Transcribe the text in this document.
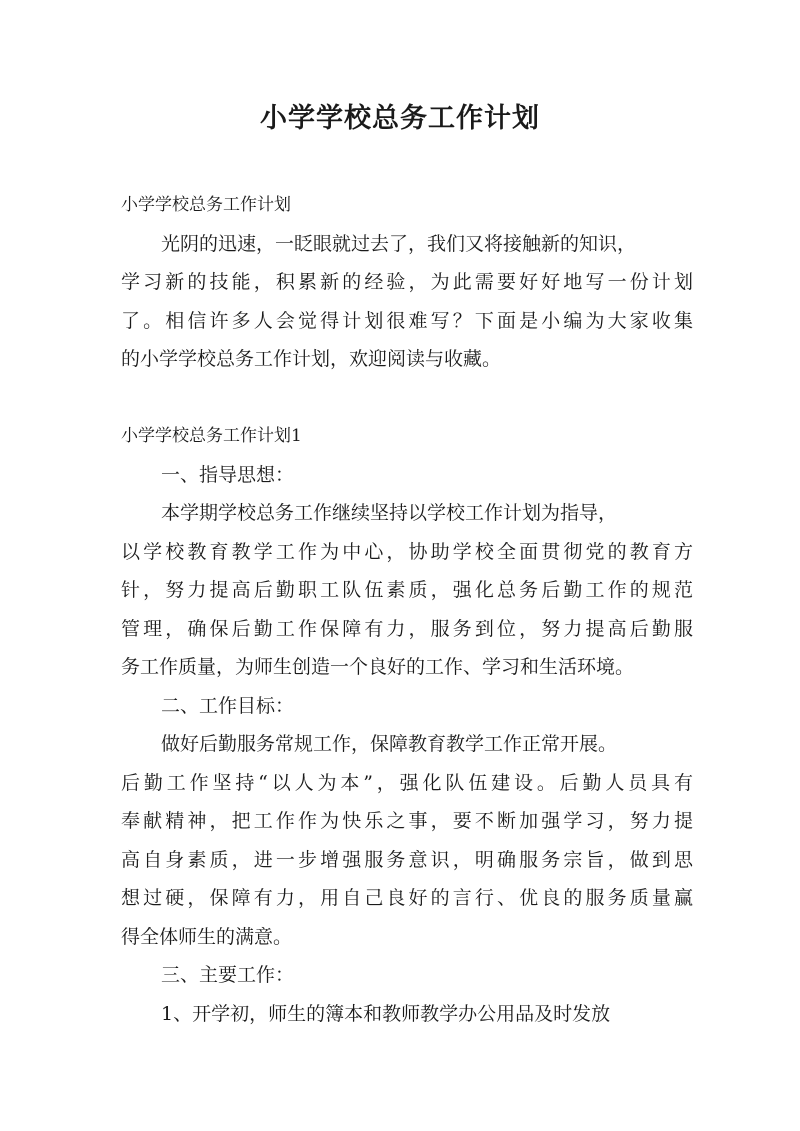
小学学校总务工作计划
小学学校总务工作计划
光阴的迅速，一眨眼就过去了，我们又将接触新的知识，
学习新的技能，积累新的经验，为此需要好好地写一份计划
了。相信许多人会觉得计划很难写？下面是小编为大家收集
的小学学校总务工作计划，欢迎阅读与收藏。
小学学校总务工作计划1
一、指导思想：
本学期学校总务工作继续坚持以学校工作计划为指导，
以学校教育教学工作为中心，协助学校全面贯彻党的教育方
针，努力提高后勤职工队伍素质，强化总务后勤工作的规范
管理，确保后勤工作保障有力，服务到位，努力提高后勤服
务工作质量，为师生创造一个良好的工作、学习和生活环境。
二、工作目标：
做好后勤服务常规工作，保障教育教学工作正常开展。
后勤工作坚持“以人为本”，强化队伍建设。后勤人员具有
奉献精神，把工作作为快乐之事，要不断加强学习，努力提
高自身素质，进一步增强服务意识，明确服务宗旨，做到思
想过硬，保障有力，用自己良好的言行、优良的服务质量赢
得全体师生的满意。
三、主要工作：
1、开学初，师生的簿本和教师教学办公用品及时发放
